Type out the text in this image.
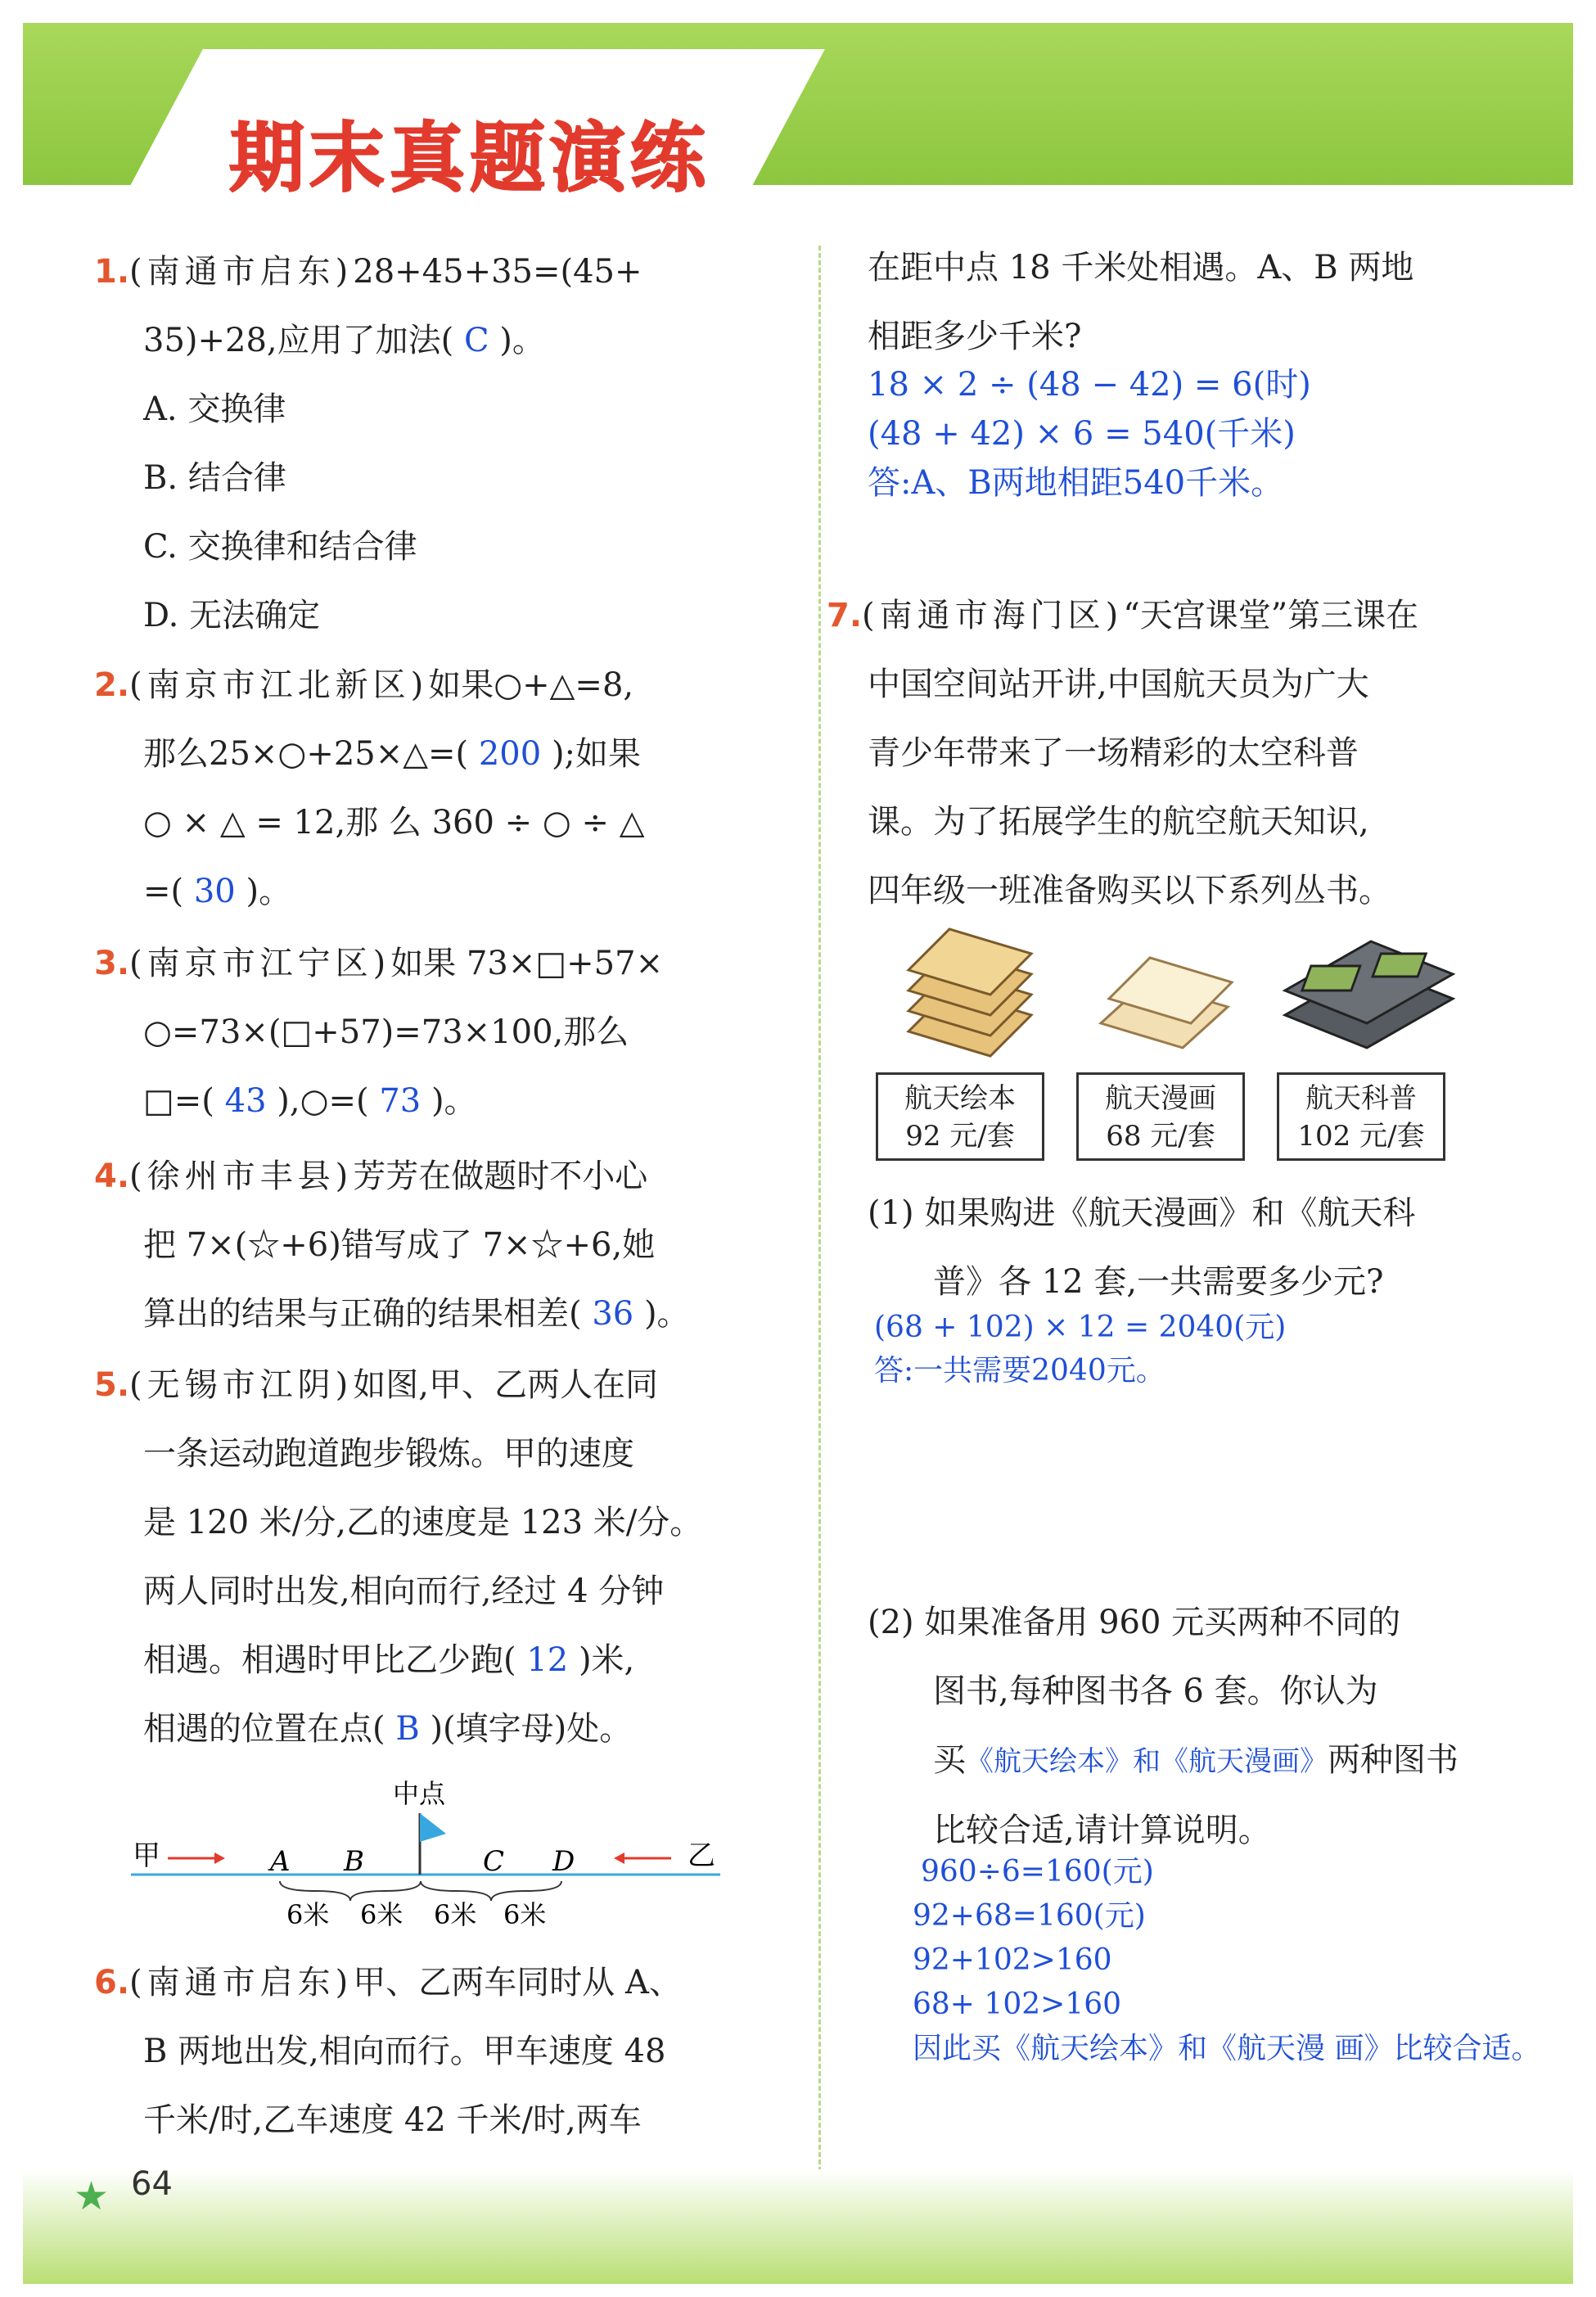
期末真题演练
1.(南通市启东)28+45+35=(45+
35)+28,应用了加法( C )。
A. 交换律
B. 结合律
C. 交换律和结合律
D. 无法确定
2.(南京市江北新区)如果○+△=8,
那么25×○+25×△=( 200 );如果
○ × △ = 12,那 么 360 ÷ ○ ÷ △
=( 30 )。
3.(南京市江宁区)如果 73×□+57×
○=73×(□+57)=73×100,那么
□=( 43 ),○=( 73 )。
4.(徐州市丰县)芳芳在做题时不小心
把 7×(☆+6)错写成了 7×☆+6,她
算出的结果与正确的结果相差( 36 )。
5.(无锡市江阴)如图,甲、乙两人在同
一条运动跑道跑步锻炼。甲的速度
是 120 米/分,乙的速度是 123 米/分。
两人同时出发,相向而行,经过 4 分钟
相遇。相遇时甲比乙少跑( 12 )米,
相遇的位置在点( B )(填字母)处。
甲	乙
中点
A B	C D
6米 6米 6米 6米
6.(南通市启东)甲、乙两车同时从 A、
B 两地出发,相向而行。甲车速度 48
千米/时,乙车速度 42 千米/时,两车
在距中点 18 千米处相遇。A、B 两地
相距多少千米?
18 × 2 ÷ (48 − 42) = 6(时)
(48 + 42) × 6 = 540(千米)
答:A、B两地相距540千米。
7.(南通市海门区)“天宫课堂”第三课在
中国空间站开讲,中国航天员为广大
青少年带来了一场精彩的太空科普
课。为了拓展学生的航空航天知识,
四年级一班准备购买以下系列丛书。
航天绘本
92 元/套
航天漫画
68 元/套
航天科普
102 元/套
(1) 如果购进《航天漫画》和《航天科
普》各 12 套,一共需要多少元?
(68 + 102) × 12 = 2040(元)
答:一共需要2040元。
(2) 如果准备用 960 元买两种不同的
图书,每种图书各 6 套。你认为
买《航天绘本》和《航天漫画》两种图书
比较合适,请计算说明。
960÷6=160(元)
92+68=160(元)
92+102>160
68+ 102>160
因此买《航天绘本》和《航天漫 画》比较合适。
★ 64
